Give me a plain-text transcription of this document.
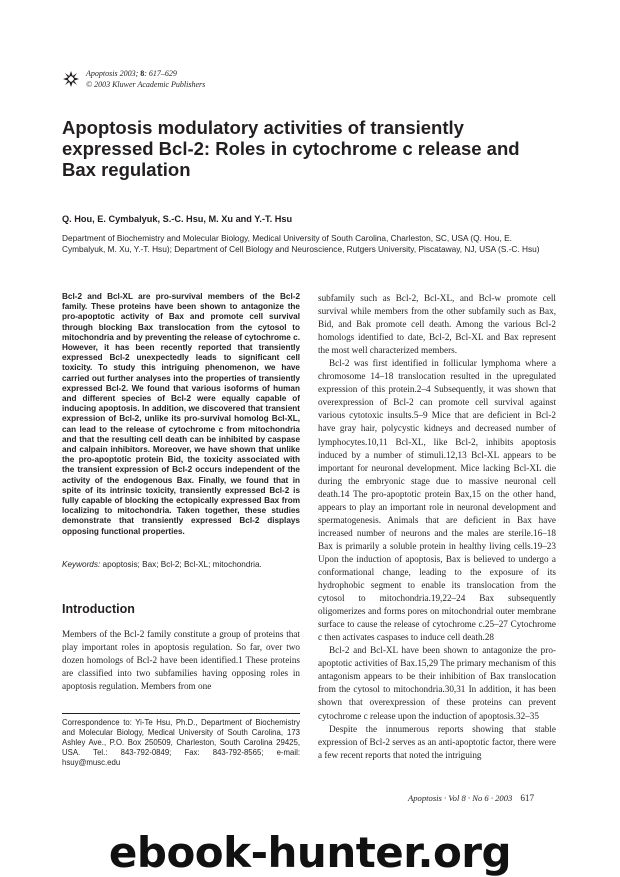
Apoptosis 2003; 8: 617–629
© 2003 Kluwer Academic Publishers
Apoptosis modulatory activities of transiently expressed Bcl-2: Roles in cytochrome c release and Bax regulation
Q. Hou, E. Cymbalyuk, S.-C. Hsu, M. Xu and Y.-T. Hsu
Department of Biochemistry and Molecular Biology, Medical University of South Carolina, Charleston, SC, USA (Q. Hou, E. Cymbalyuk, M. Xu, Y.-T. Hsu); Department of Cell Biology and Neuroscience, Rutgers University, Piscataway, NJ, USA (S.-C. Hsu)
Bcl-2 and Bcl-XL are pro-survival members of the Bcl-2 family. These proteins have been shown to antagonize the pro-apoptotic activity of Bax and promote cell survival through blocking Bax translocation from the cytosol to mitochondria and by preventing the release of cytochrome c. However, it has been recently reported that transiently expressed Bcl-2 unexpectedly leads to significant cell toxicity. To study this intriguing phenomenon, we have carried out further analyses into the properties of transiently expressed Bcl-2. We found that various isoforms of human and different species of Bcl-2 were equally capable of inducing apoptosis. In addition, we discovered that transient expression of Bcl-2, unlike its pro-survival homolog Bcl-XL, can lead to the release of cytochrome c from mitochondria and that the resulting cell death can be inhibited by caspase and calpain inhibitors. Moreover, we have shown that unlike the pro-apoptotic protein Bid, the toxicity associated with the transient expression of Bcl-2 occurs independent of the activity of the endogenous Bax. Finally, we found that in spite of its intrinsic toxicity, transiently expressed Bcl-2 is fully capable of blocking the ectopically expressed Bax from localizing to mitochondria. Taken together, these studies demonstrate that transiently expressed Bcl-2 displays opposing functional properties.
Keywords: apoptosis; Bax; Bcl-2; Bcl-XL; mitochondria.
Introduction
Members of the Bcl-2 family constitute a group of proteins that play important roles in apoptosis regulation. So far, over two dozen homologs of Bcl-2 have been identified.1 These proteins are classified into two subfamilies having opposing roles in apoptosis regulation. Members from one
Correspondence to: Yi-Te Hsu, Ph.D., Department of Biochemistry and Molecular Biology, Medical University of South Carolina, 173 Ashley Ave., P.O. Box 250509, Charleston, South Carolina 29425, USA. Tel.: 843-792-0849; Fax: 843-792-8565; e-mail: hsuy@musc.edu

subfamily such as Bcl-2, Bcl-XL, and Bcl-w promote cell survival while members from the other subfamily such as Bax, Bid, and Bak promote cell death. Among the various Bcl-2 homologs identified to date, Bcl-2, Bcl-XL and Bax represent the most well characterized members.

Bcl-2 was first identified in follicular lymphoma where a chromosome 14–18 translocation resulted in the upregulated expression of this protein.2–4 Subsequently, it was shown that overexpression of Bcl-2 can promote cell survival against various cytotoxic insults.5–9 Mice that are deficient in Bcl-2 have gray hair, polycystic kidneys and decreased number of lymphocytes.10,11 Bcl-XL, like Bcl-2, inhibits apoptosis induced by a number of stimuli.12,13 Bcl-XL appears to be important for neuronal development. Mice lacking Bcl-XL die during the embryonic stage due to massive neuronal cell death.14 The pro-apoptotic protein Bax,15 on the other hand, appears to play an important role in neuronal development and spermatogenesis. Animals that are deficient in Bax have increased number of neurons and the males are sterile.16–18 Bax is primarily a soluble protein in healthy living cells.19–23 Upon the induction of apoptosis, Bax is believed to undergo a conformational change, leading to the exposure of its hydrophobic segment to enable its translocation from the cytosol to mitochondria.19,22–24 Bax subsequently oligomerizes and forms pores on mitochondrial outer membrane surface to cause the release of cytochrome c.25–27 Cytochrome c then activates caspases to induce cell death.28

Bcl-2 and Bcl-XL have been shown to antagonize the pro-apoptotic activities of Bax.15,29 The primary mechanism of this antagonism appears to be their inhibition of Bax translocation from the cytosol to mitochondria.30,31 In addition, it has been shown that overexpression of these proteins can prevent cytochrome c release upon the induction of apoptosis.32–35

Despite the innumerous reports showing that stable expression of Bcl-2 serves as an anti-apoptotic factor, there were a few recent reports that noted the intriguing

Apoptosis · Vol 8 · No 6 · 2003 617
ebook-hunter.org
